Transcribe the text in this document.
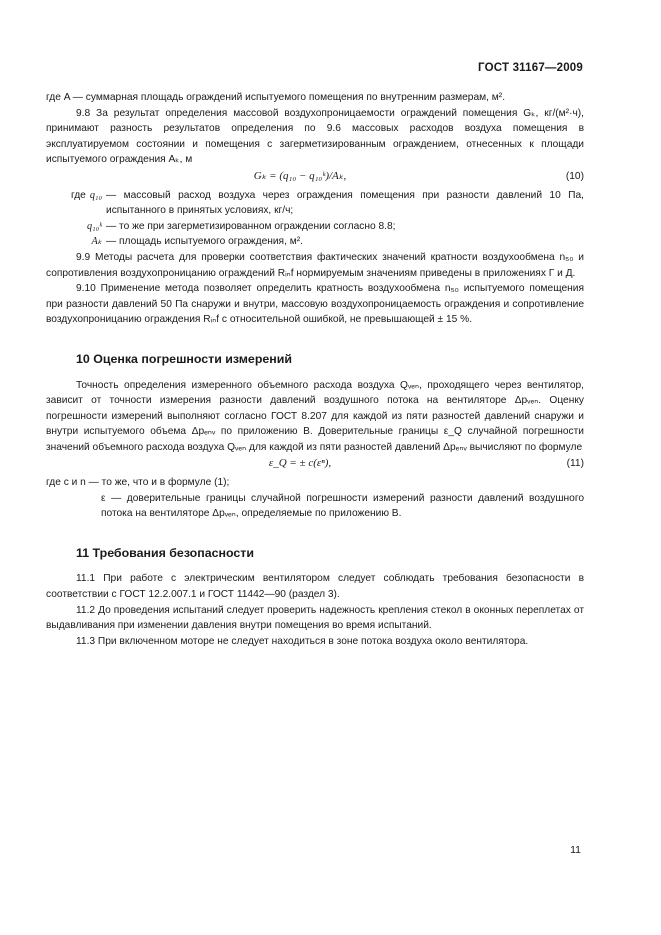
ГОСТ 31167—2009

где A — суммарная площадь ограждений испытуемого помещения по внутренним размерам, м².

9.8 За результат определения массовой воздухопроницаемости ограждений помещения Gₖ, кг/(м²·ч), принимают разность результатов определения по 9.6 массовых расходов воздуха помещения в эксплуатируемом состоянии и помещения с загерметизированным ограждением, отнесенных к площади испытуемого ограждения Aₖ, м

Gₖ = (q₁₀ − q₁₀ᵏ)/Aₖ,	(10)
где q₁₀ — массовый расход воздуха через ограждения помещения при разности давлений 10 Па, испытанного в принятых условиях, кг/ч;
q₁₀ᵏ — то же при загерметизированном ограждении согласно 8.8;
Aₖ — площадь испытуемого ограждения, м².

9.9 Методы расчета для проверки соответствия фактических значений кратности воздухообмена n₅₀ и сопротивления воздухопроницанию ограждений Rᵢₙf нормируемым значениям приведены в приложениях Г и Д.

9.10 Применение метода позволяет определить кратность воздухообмена n₅₀ испытуемого помещения при разности давлений 50 Па снаружи и внутри, массовую воздухопроницаемость ограждения и сопротивление воздухопроницанию ограждения Rᵢₙf с относительной ошибкой, не превышающей ± 15 %.

10 Оценка погрешности измерений

Точность определения измеренного объемного расхода воздуха Qᵥₑₙ, проходящего через вентилятор, зависит от точности измерения разности давлений воздушного потока на вентиляторе Δpᵥₑₙ. Оценку погрешности измерений выполняют согласно ГОСТ 8.207 для каждой из пяти разностей давлений снаружи и внутри испытуемого объема Δpₑₙᵥ по приложению В. Доверительные границы ε_Q случайной погрешности значений объемного расхода воздуха Qᵥₑₙ для каждой из пяти разностей давлений Δpₑₙᵥ вычисляют по формуле

ε_Q = ± c(εⁿ),	(11)

где c и n — то же, что и в формуле (1);

ε — доверительные границы случайной погрешности измерений разности давлений воздушного потока на вентиляторе Δpᵥₑₙ, определяемые по приложению В.

11 Требования безопасности

11.1 При работе с электрическим вентилятором следует соблюдать требования безопасности в соответствии с ГОСТ 12.2.007.1 и ГОСТ 11442—90 (раздел 3).

11.2 До проведения испытаний следует проверить надежность крепления стекол в оконных переплетах от выдавливания при изменении давления внутри помещения во время испытаний.

11.3 При включенном моторе не следует находиться в зоне потока воздуха около вентилятора.

11
